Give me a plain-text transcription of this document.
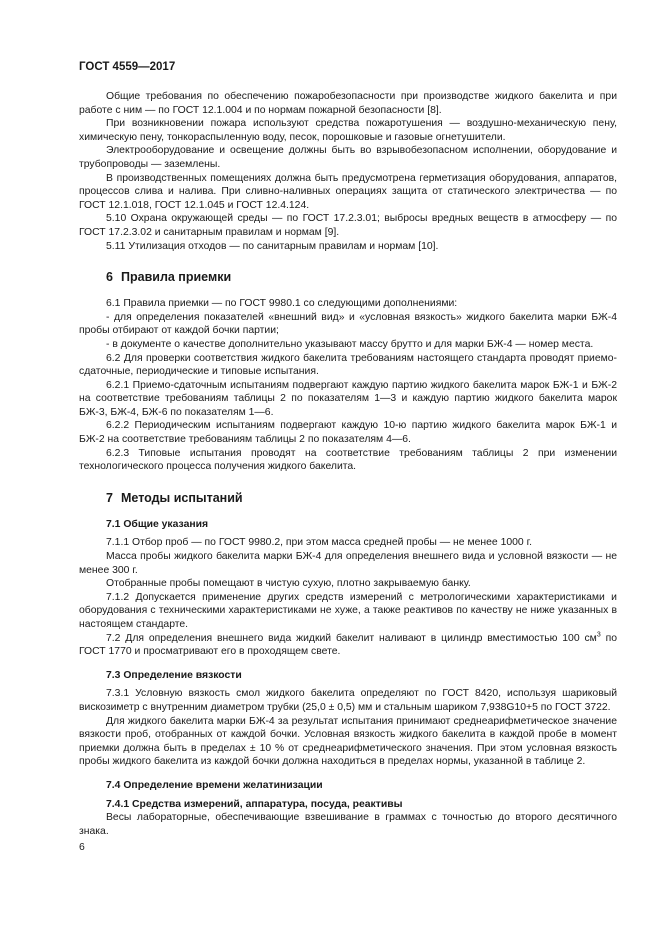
ГОСТ 4559—2017

Общие требования по обеспечению пожаробезопасности при производстве жидкого бакелита и при работе с ним — по ГОСТ 12.1.004 и по нормам пожарной безопасности [8].

При возникновении пожара используют средства пожаротушения — воздушно-механическую пену, химическую пену, тонкораспыленную воду, песок, порошковые и газовые огнетушители.

Электрооборудование и освещение должны быть во взрывобезопасном исполнении, оборудование и трубопроводы — заземлены.

В производственных помещениях должна быть предусмотрена герметизация оборудования, аппаратов, процессов слива и налива. При сливно-наливных операциях защита от статического электричества — по ГОСТ 12.1.018, ГОСТ 12.1.045 и ГОСТ 12.4.124.

5.10 Охрана окружающей среды — по ГОСТ 17.2.3.01; выбросы вредных веществ в атмосферу — по ГОСТ 17.2.3.02 и санитарным правилам и нормам [9].

5.11 Утилизация отходов — по санитарным правилам и нормам [10].

6 Правила приемки

6.1 Правила приемки — по ГОСТ 9980.1 со следующими дополнениями:

- для определения показателей «внешний вид» и «условная вязкость» жидкого бакелита марки БЖ-4 пробы отбирают от каждой бочки партии;

- в документе о качестве дополнительно указывают массу брутто и для марки БЖ-4 — номер места.

6.2 Для проверки соответствия жидкого бакелита требованиям настоящего стандарта проводят приемо-сдаточные, периодические и типовые испытания.

6.2.1 Приемо-сдаточным испытаниям подвергают каждую партию жидкого бакелита марок БЖ-1 и БЖ-2 на соответствие требованиям таблицы 2 по показателям 1—3 и каждую партию жидкого бакелита марок БЖ-3, БЖ-4, БЖ-6 по показателям 1—6.

6.2.2 Периодическим испытаниям подвергают каждую 10-ю партию жидкого бакелита марок БЖ-1 и БЖ-2 на соответствие требованиям таблицы 2 по показателям 4—6.

6.2.3 Типовые испытания проводят на соответствие требованиям таблицы 2 при изменении технологического процесса получения жидкого бакелита.

7 Методы испытаний

7.1 Общие указания

7.1.1 Отбор проб — по ГОСТ 9980.2, при этом масса средней пробы — не менее 1000 г.

Масса пробы жидкого бакелита марки БЖ-4 для определения внешнего вида и условной вязкости — не менее 300 г.

Отобранные пробы помещают в чистую сухую, плотно закрываемую банку.

7.1.2 Допускается применение других средств измерений с метрологическими характеристиками и оборудования с техническими характеристиками не хуже, а также реактивов по качеству не ниже указанных в настоящем стандарте.

7.2 Для определения внешнего вида жидкий бакелит наливают в цилиндр вместимостью 100 $см^3$ по ГОСТ 1770 и просматривают его в проходящем свете.

7.3 Определение вязкости

7.3.1 Условную вязкость смол жидкого бакелита определяют по ГОСТ 8420, используя шариковый вискозиметр с внутренним диаметром трубки (25,0 ± 0,5) мм и стальным шариком 7,938G10+5 по ГОСТ 3722.

Для жидкого бакелита марки БЖ-4 за результат испытания принимают среднеарифметическое значение вязкости проб, отобранных от каждой бочки. Условная вязкость жидкого бакелита в каждой пробе в момент приемки должна быть в пределах ± 10 % от среднеарифметического значения. При этом условная вязкость пробы жидкого бакелита из каждой бочки должна находиться в пределах нормы, указанной в таблице 2.

7.4 Определение времени желатинизации

7.4.1 Средства измерений, аппаратура, посуда, реактивы

Весы лабораторные, обеспечивающие взвешивание в граммах с точностью до второго десятичного знака.

6
